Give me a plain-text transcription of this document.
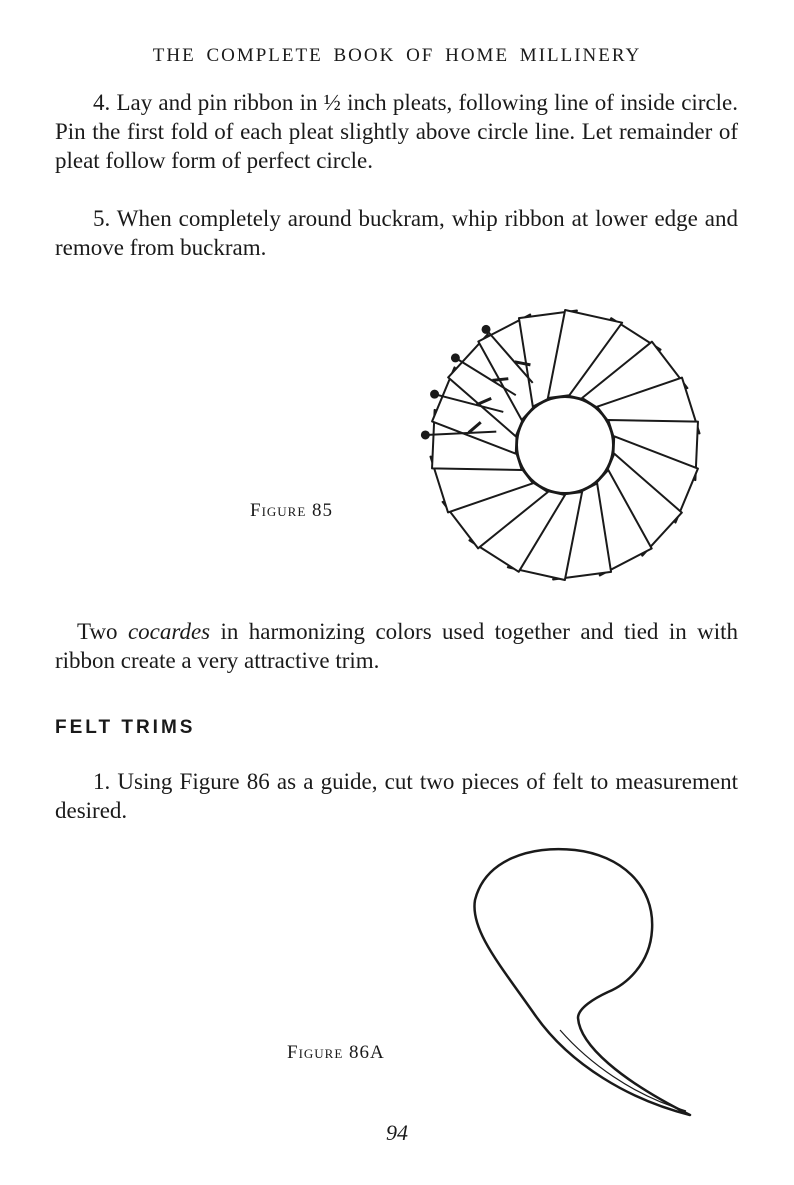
THE COMPLETE BOOK OF HOME MILLINERY

4. Lay and pin ribbon in ½ inch pleats, following line of inside circle. Pin the first fold of each pleat slightly above circle line. Let remainder of pleat follow form of perfect circle.

5. When completely around buckram, whip ribbon at lower edge and remove from buckram.

Figure 85

Two cocardes in harmonizing colors used together and tied in with ribbon create a very attractive trim.

FELT TRIMS

1. Using Figure 86 as a guide, cut two pieces of felt to measurement desired.

Figure 86A
94
